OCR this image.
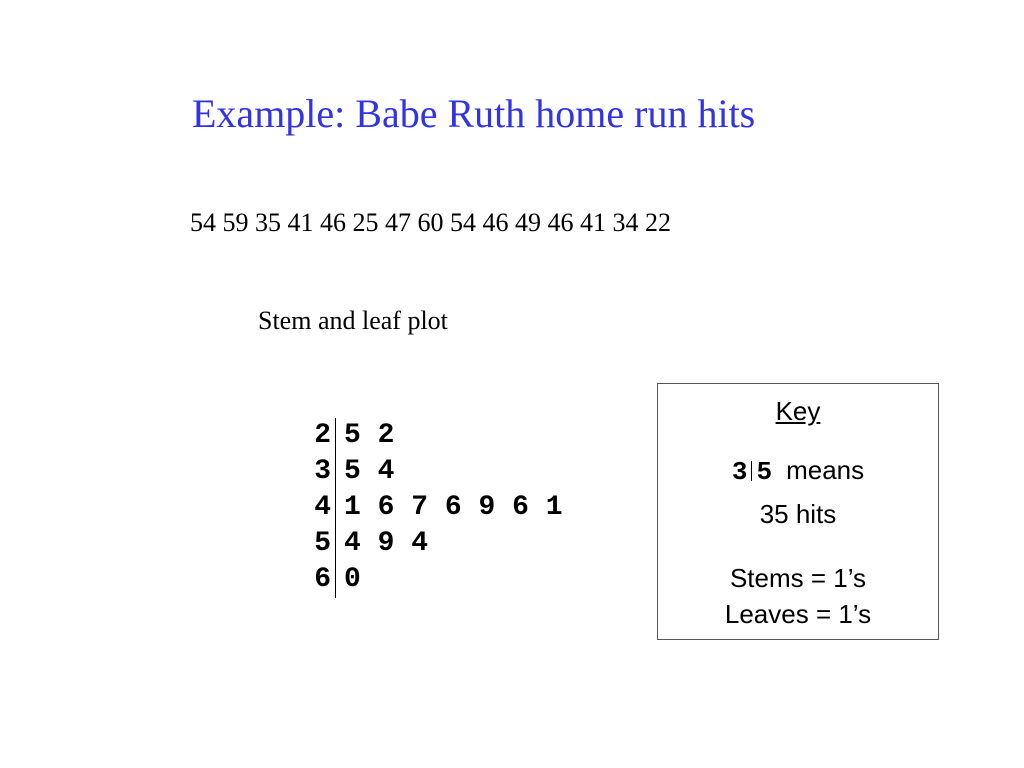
Example: Babe Ruth home run hits
54 59 35 41 46 25 47 60 54 46 49 46 41 34 22
Stem and leaf plot
2 5 2
3 5 4
4 1 6 7 6 9 6 1
5 4 9 4
6 0
Key
3 5 means
35 hits
Stems = 1’s
Leaves = 1’s
